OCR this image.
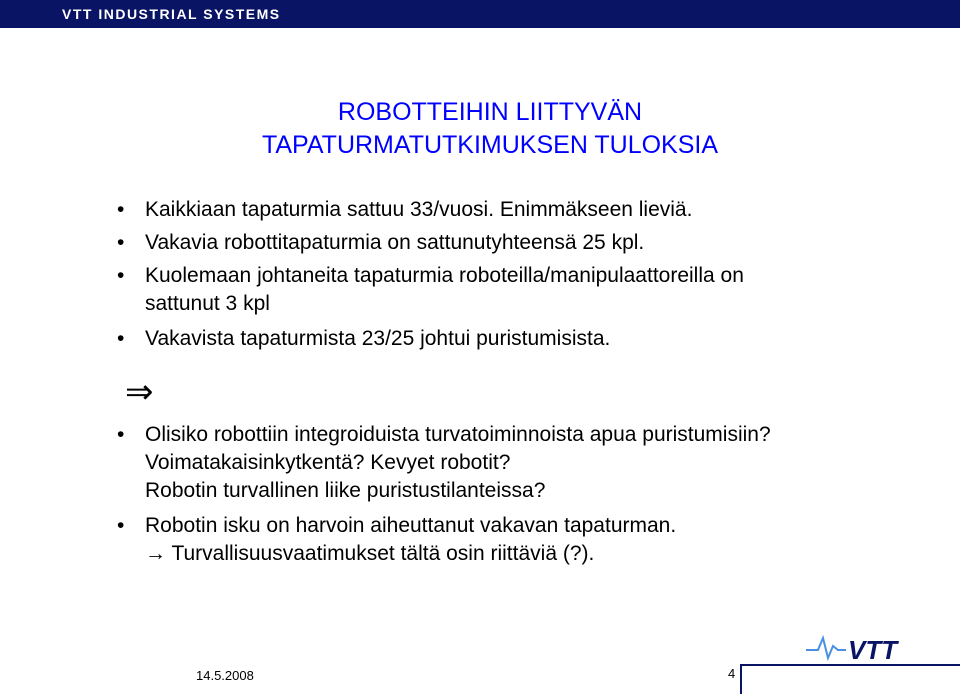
VTT INDUSTRIAL SYSTEMS
ROBOTTEIHIN LIITTYVÄN
TAPATURMATUTKIMUKSEN TULOKSIA
• Kaikkiaan tapaturmia sattuu 33/vuosi. Enimmäkseen lieviä.
• Vakavia robottitapaturmia on sattunutyhteensä 25 kpl.
• Kuolemaan johtaneita tapaturmia roboteilla/manipulaattoreilla on
sattunut 3 kpl
• Vakavista tapaturmista 23/25 johtui puristumisista.
⇒
• Olisiko robottiin integroiduista turvatoiminnoista apua puristumisiin?
Voimatakaisinkytkentä? Kevyet robotit?
Robotin turvallinen liike puristustilanteissa?
• Robotin isku on harvoin aiheuttanut vakavan tapaturman.
→ Turvallisuusvaatimukset tältä osin riittäviä (?).
14.5.2008	4
VTT
